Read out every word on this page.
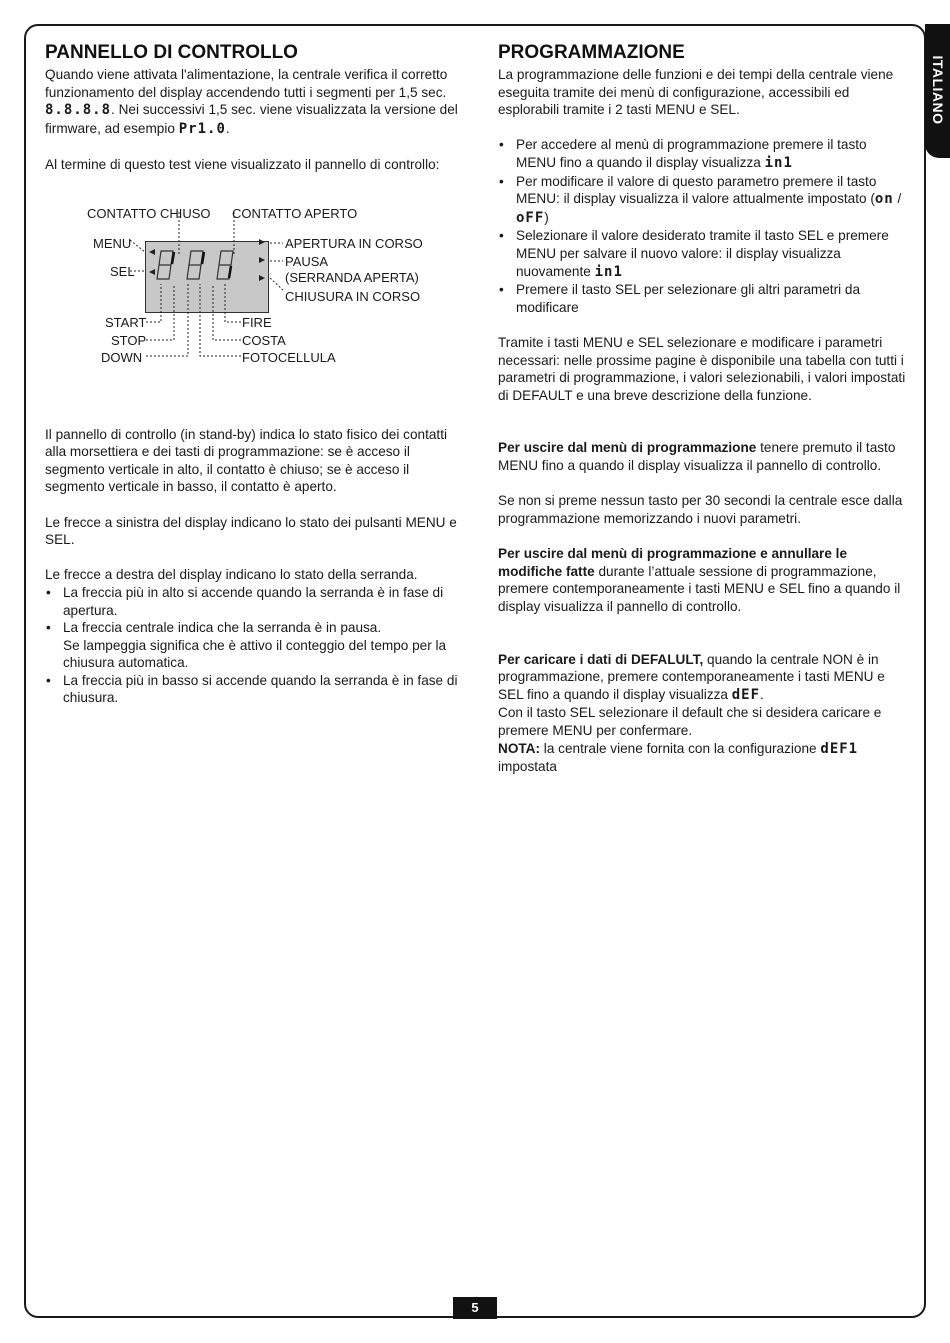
ITALIANO
PANNELLO DI CONTROLLO

Quando viene attivata l'alimentazione, la centrale verifica il corretto funzionamento del display accendendo tutti i segmenti per 1,5 sec. 8.8.8.8. Nei successivi 1,5 sec. viene visualizzata la versione del firmware, ad esempio Pr1.0.

Al termine di questo test viene visualizzato il pannello di controllo:

CONTATTO CHIUSO CONTATTO APERTO
MENU
SEL
APERTURA IN CORSO
PAUSA
(SERRANDA APERTA)
CHIUSURA IN CORSO
START
STOP
DOWN
FIRE
COSTA
FOTOCELLULA

Il pannello di controllo (in stand-by) indica lo stato fisico dei contatti alla morsettiera e dei tasti di programmazione: se è acceso il segmento verticale in alto, il contatto è chiuso; se è acceso il segmento verticale in basso, il contatto è aperto.

Le frecce a sinistra del display indicano lo stato dei pulsanti MENU e SEL.

Le frecce a destra del display indicano lo stato della serranda.

• La freccia più in alto si accende quando la serranda è in fase di apertura.
• La freccia centrale indica che la serranda è in pausa.
Se lampeggia significa che è attivo il conteggio del tempo per la chiusura automatica.
• La freccia più in basso si accende quando la serranda è in fase di chiusura.
PROGRAMMAZIONE

La programmazione delle funzioni e dei tempi della centrale viene eseguita tramite dei menù di configurazione, accessibili ed esplorabili tramite i 2 tasti MENU e SEL.

• Per accedere al menù di programmazione premere il tasto MENU fino a quando il display visualizza in1
• Per modificare il valore di questo parametro premere il tasto MENU: il display visualizza il valore attualmente impostato (on / oFF)
• Selezionare il valore desiderato tramite il tasto SEL e premere MENU per salvare il nuovo valore: il display visualizza nuovamente in1
• Premere il tasto SEL per selezionare gli altri parametri da modificare

Tramite i tasti MENU e SEL selezionare e modificare i parametri necessari: nelle prossime pagine è disponibile una tabella con tutti i parametri di programmazione, i valori selezionabili, i valori impostati di DEFAULT e una breve descrizione della funzione.

Per uscire dal menù di programmazione tenere premuto il tasto MENU fino a quando il display visualizza il pannello di controllo.

Se non si preme nessun tasto per 30 secondi la centrale esce dalla programmazione memorizzando i nuovi parametri.

Per uscire dal menù di programmazione e annullare le modifiche fatte durante l’attuale sessione di programmazione, premere contemporaneamente i tasti MENU e SEL fino a quando il display visualizza il pannello di controllo.

Per caricare i dati di DEFALULT, quando la centrale NON è in programmazione, premere contemporaneamente i tasti MENU e SEL fino a quando il display visualizza dEF.

Con il tasto SEL selezionare il default che si desidera caricare e premere MENU per confermare.

NOTA: la centrale viene fornita con la configurazione dEF1
impostata

5
